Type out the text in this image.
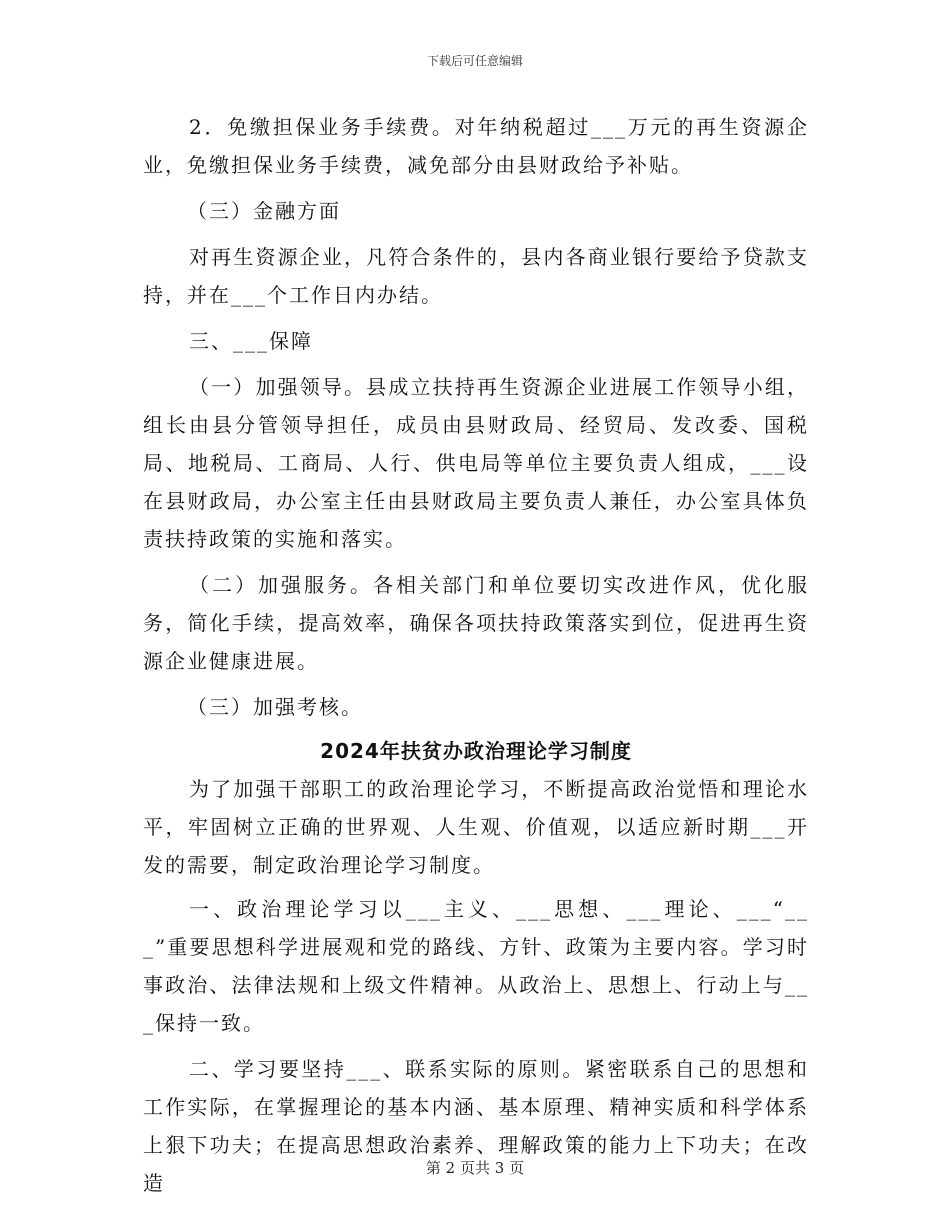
下载后可任意编辑

2．免缴担保业务手续费。对年纳税超过___万元的再生资源企业，免缴担保业务手续费，减免部分由县财政给予补贴。

（三）金融方面

对再生资源企业，凡符合条件的，县内各商业银行要给予贷款支持，并在___个工作日内办结。

三、___保障

（一）加强领导。县成立扶持再生资源企业进展工作领导小组，组长由县分管领导担任，成员由县财政局、经贸局、发改委、国税局、地税局、工商局、人行、供电局等单位主要负责人组成，___设在县财政局，办公室主任由县财政局主要负责人兼任，办公室具体负责扶持政策的实施和落实。

（二）加强服务。各相关部门和单位要切实改进作风，优化服务，简化手续，提高效率，确保各项扶持政策落实到位，促进再生资源企业健康进展。

（三）加强考核。

2024年扶贫办政治理论学习制度

为了加强干部职工的政治理论学习，不断提高政治觉悟和理论水平，牢固树立正确的世界观、人生观、价值观，以适应新时期___开发的需要，制定政治理论学习制度。

一、政治理论学习以___主义、___思想、___理论、___“___”重要思想科学进展观和党的路线、方针、政策为主要内容。学习时事政治、法律法规和上级文件精神。从政治上、思想上、行动上与___保持一致。

二、学习要坚持___、联系实际的原则。紧密联系自己的思想和工作实际，在掌握理论的基本内涵、基本原理、精神实质和科学体系上狠下功夫；在提高思想政治素养、理解政策的能力上下功夫；在改造

第 2 页共 3 页
